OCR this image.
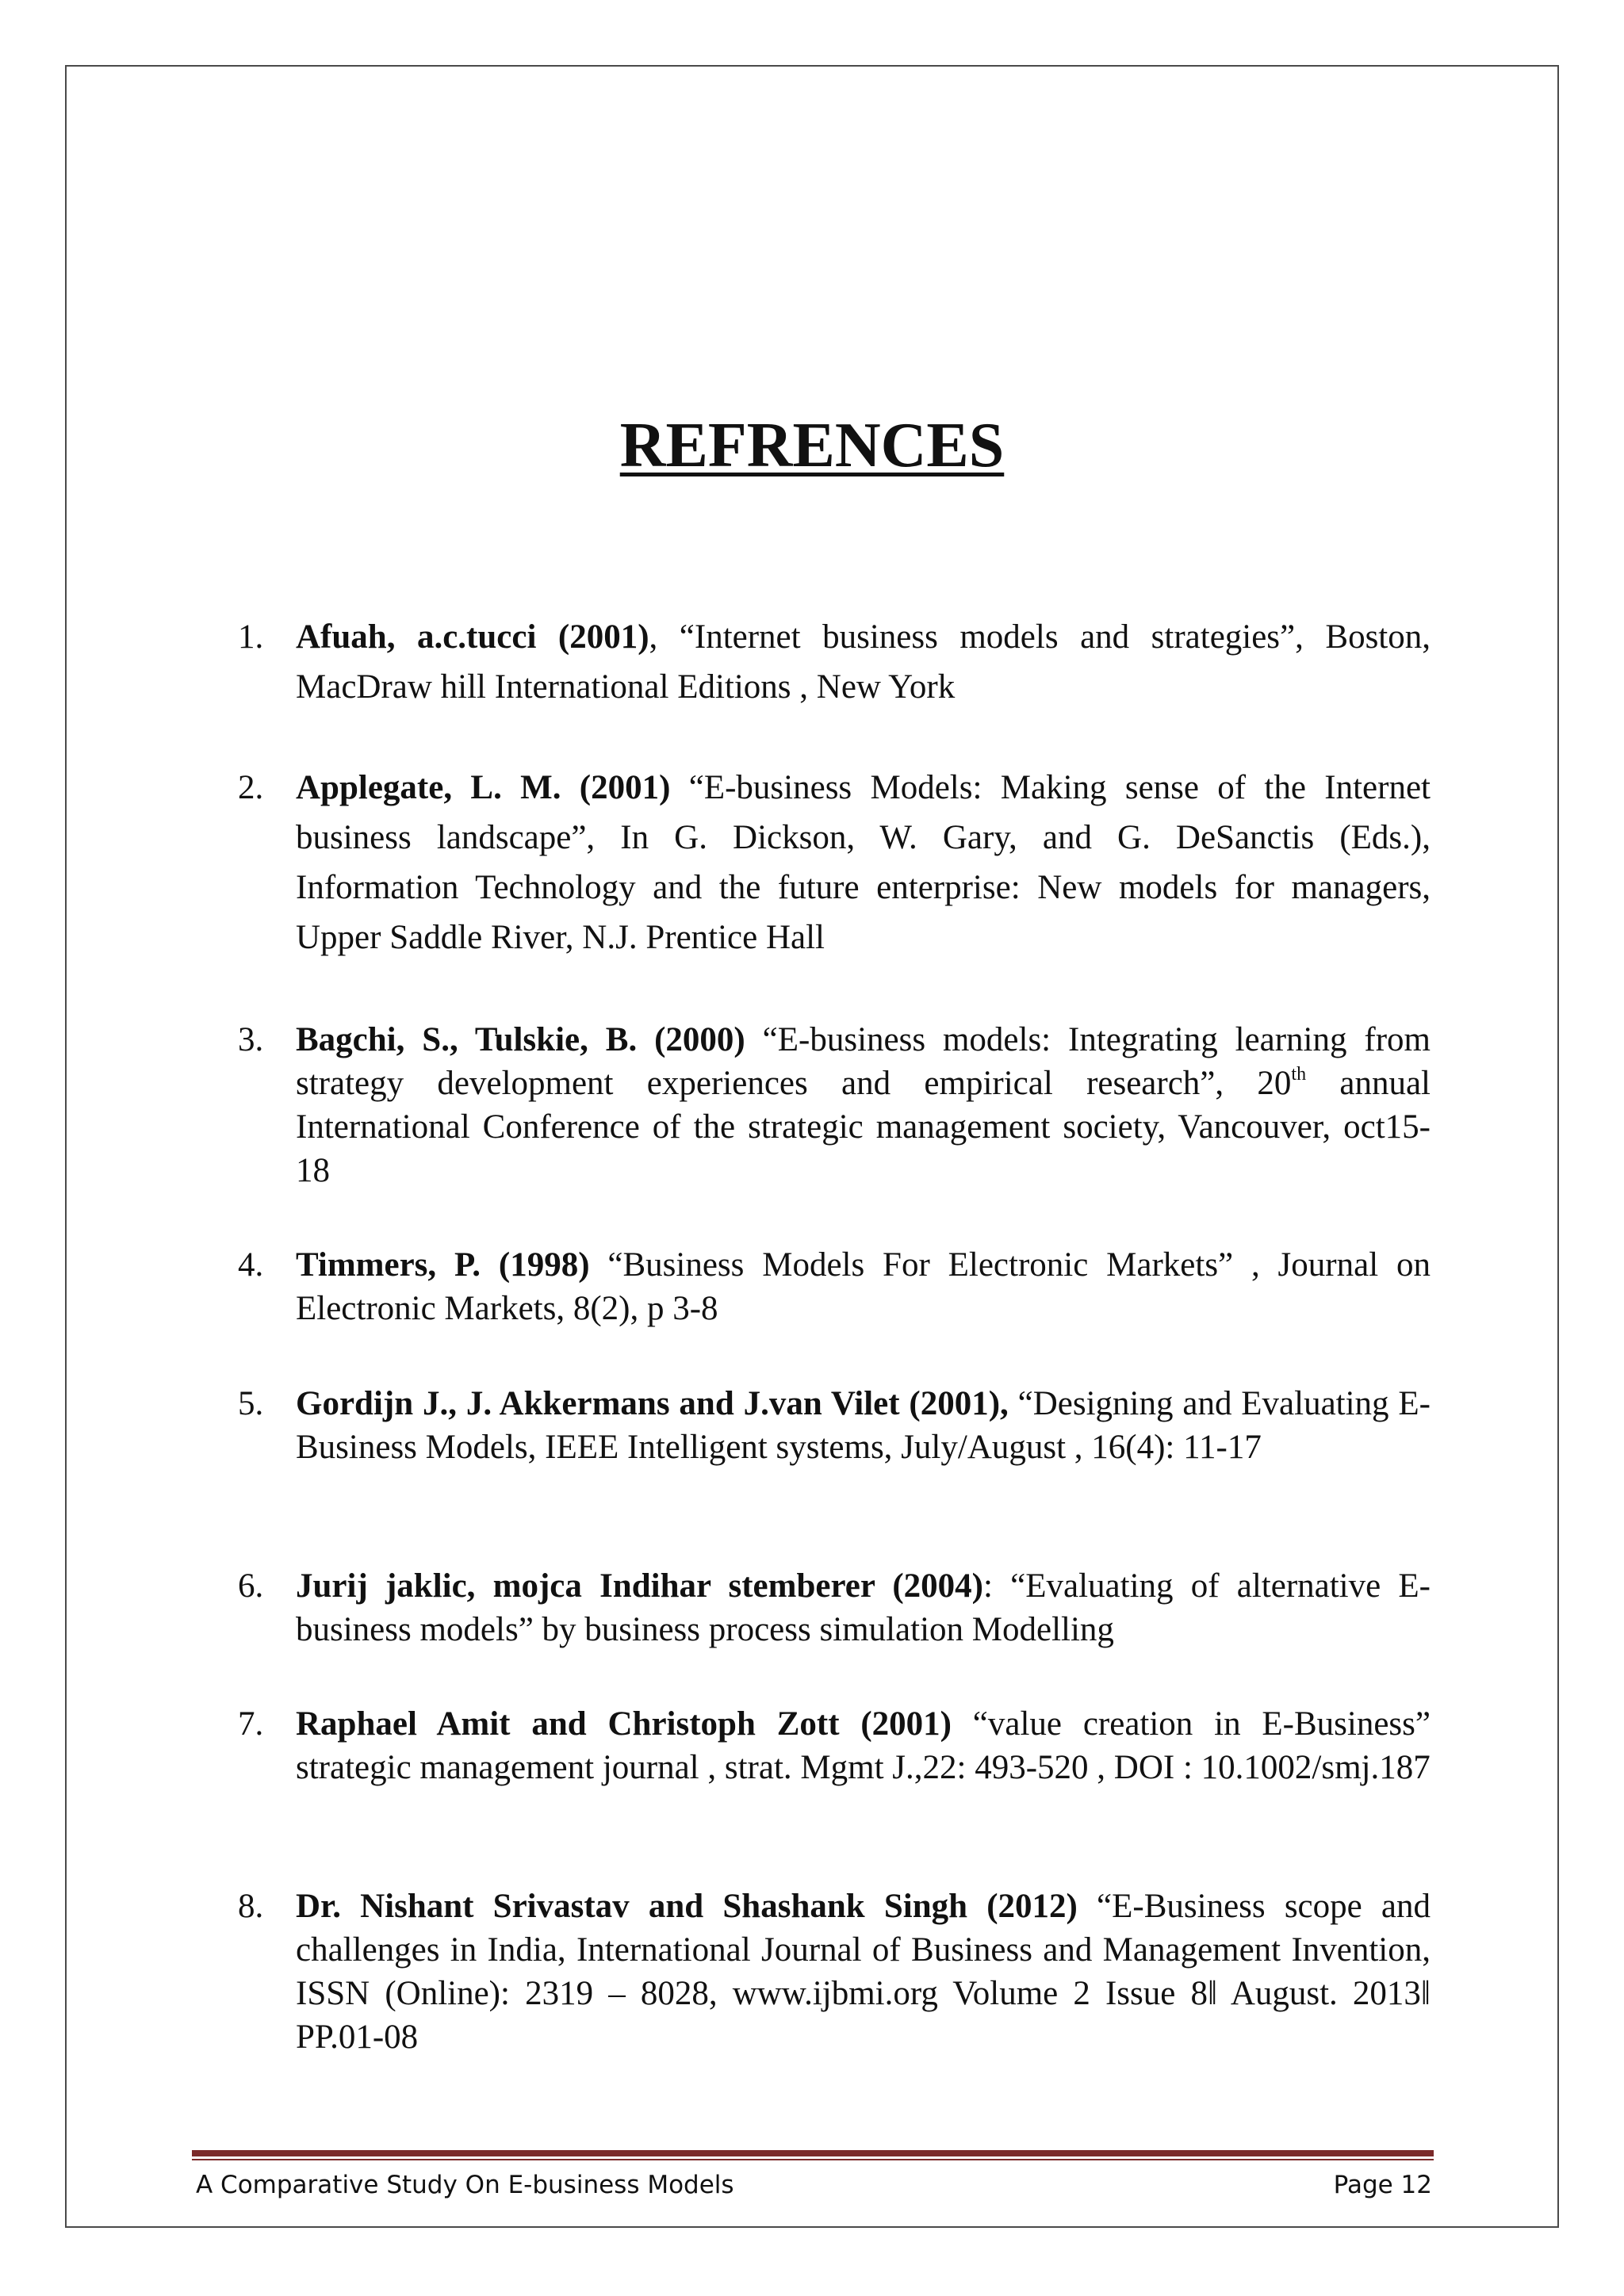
REFRENCES
1. Afuah, a.c.tucci (2001), “Internet business models and strategies”, Boston, MacDraw hill International Editions , New York
2. Applegate, L. M. (2001) “E-business Models: Making sense of the Internet business landscape”, In G. Dickson, W. Gary, and G. DeSanctis (Eds.), Information Technology and the future enterprise: New models for managers, Upper Saddle River, N.J. Prentice Hall
3. Bagchi, S., Tulskie, B. (2000) “E-business models: Integrating learning from strategy development experiences and empirical research”, 20th annual International Conference of the strategic management society, Vancouver, oct15-18
4. Timmers, P. (1998) “Business Models For Electronic Markets” , Journal on Electronic Markets, 8(2), p 3-8
5. Gordijn J., J. Akkermans and J.van Vilet (2001), “Designing and Evaluating E-Business Models, IEEE Intelligent systems, July/August , 16(4): 11-17
6. Jurij jaklic, mojca Indihar stemberer (2004): “Evaluating of alternative E-business models” by business process simulation Modelling
7. Raphael Amit and Christoph Zott (2001) “value creation in E-Business” strategic management journal , strat. Mgmt J.,22: 493-520 , DOI : 10.1002/smj.187
8. Dr. Nishant Srivastav and Shashank Singh (2012) “E-Business scope and challenges in India, International Journal of Business and Management Invention, ISSN (Online): 2319 – 8028, www.ijbmi.org Volume 2 Issue 8‖ August. 2013‖ PP.01-08
A Comparative Study On E-business Models	Page 12
